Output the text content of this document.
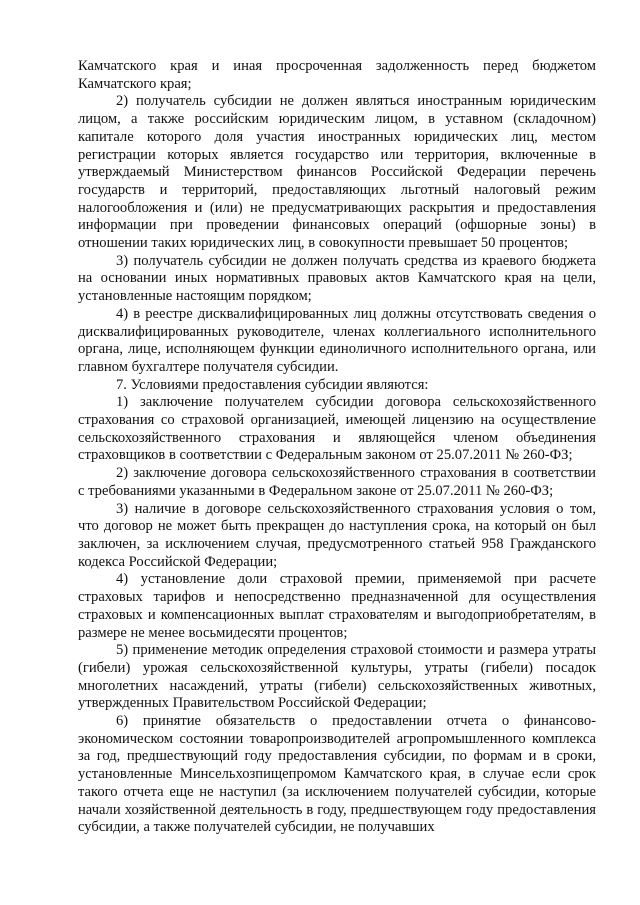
Камчатского края и иная просроченная задолженность перед бюджетом Камчатского края;

2) получатель субсидии не должен являться иностранным юридическим лицом, а также российским юридическим лицом, в уставном (складочном) капитале которого доля участия иностранных юридических лиц, местом регистрации которых является государство или территория, включенные в утверждаемый Министерством финансов Российской Федерации перечень государств и территорий, предоставляющих льготный налоговый режим налогообложения и (или) не предусматривающих раскрытия и предоставления информации при проведении финансовых операций (офшорные зоны) в отношении таких юридических лиц, в совокупности превышает 50 процентов;

3) получатель субсидии не должен получать средства из краевого бюджета на основании иных нормативных правовых актов Камчатского края на цели, установленные настоящим порядком;

4) в реестре дисквалифицированных лиц должны отсутствовать сведения о дисквалифицированных руководителе, членах коллегиального исполнительного органа, лице, исполняющем функции единоличного исполнительного органа, или главном бухгалтере получателя субсидии.

7. Условиями предоставления субсидии являются:

1) заключение получателем субсидии договора сельскохозяйственного страхования со страховой организацией, имеющей лицензию на осуществление сельскохозяйственного страхования и являющейся членом объединения страховщиков в соответствии с Федеральным законом от 25.07.2011 № 260-ФЗ;

2) заключение договора сельскохозяйственного страхования в соответствии с требованиями указанными в Федеральном законе от 25.07.2011 № 260-ФЗ;

3) наличие в договоре сельскохозяйственного страхования условия о том, что договор не может быть прекращен до наступления срока, на который он был заключен, за исключением случая, предусмотренного статьей 958 Гражданского кодекса Российской Федерации;

4) установление доли страховой премии, применяемой при расчете страховых тарифов и непосредственно предназначенной для осуществления страховых и компенсационных выплат страхователям и выгодоприобретателям, в размере не менее восьмидесяти процентов;

5) применение методик определения страховой стоимости и размера утраты (гибели) урожая сельскохозяйственной культуры, утраты (гибели) посадок многолетних насаждений, утраты (гибели) сельскохозяйственных животных, утвержденных Правительством Российской Федерации;

6) принятие обязательств о предоставлении отчета о финансово-экономическом состоянии товаропроизводителей агропромышленного комплекса за год, предшествующий году предоставления субсидии, по формам и в сроки, установленные Минсельхозпищепромом Камчатского края, в случае если срок такого отчета еще не наступил (за исключением получателей субсидии, которые начали хозяйственной деятельность в году, предшествующем году предоставления субсидии, а также получателей субсидии, не получавших
